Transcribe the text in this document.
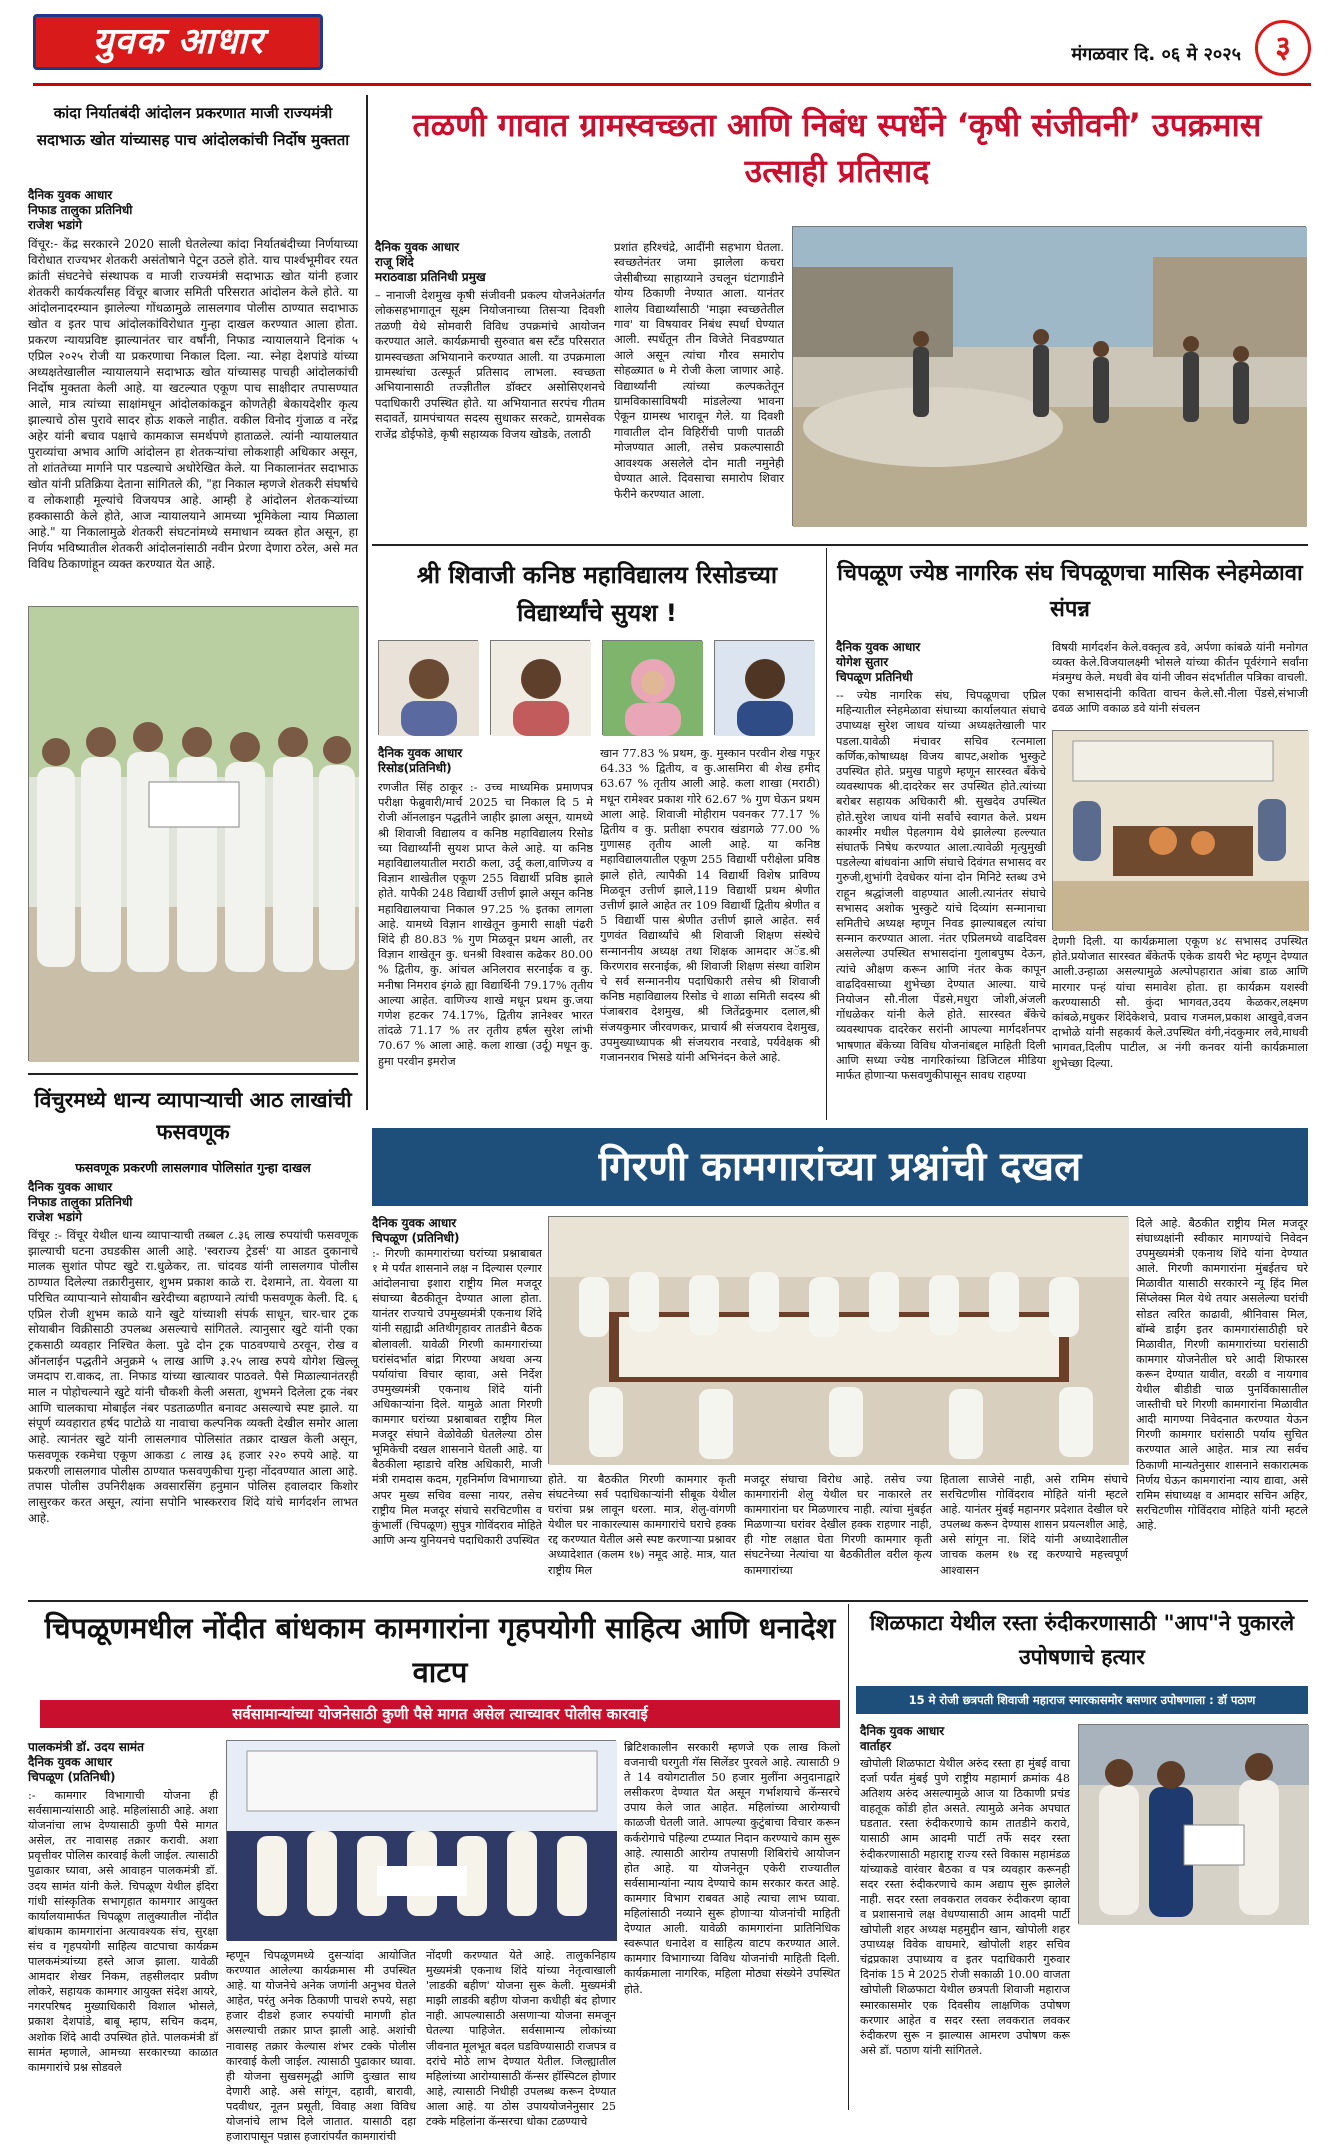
युवक आधार	मंगळवार दि. ०६ मे २०२५	३
कांदा निर्यातबंदी आंदोलन प्रकरणात माजी राज्यमंत्री सदाभाऊ खोत यांच्यासह पाच आंदोलकांची निर्दोष मुक्तता
दैनिक युवक आधार
निफाड तालुका प्रतिनिधी
राजेश भडांगे
विंचूर:- केंद्र सरकारने 2020 साली घेतलेल्या कांदा निर्यातबंदीच्या निर्णयाच्या विरोधात राज्यभर शेतकरी असंतोषाने पेटून उठले होते. याच पार्श्वभूमीवर रयत क्रांती संघटनेचे संस्थापक व माजी राज्यमंत्री सदाभाऊ खोत यांनी हजार शेतकरी कार्यकर्त्यांसह विंचूर बाजार समिती परिसरात आंदोलन केले होते. या आंदोलनादरम्यान झालेल्या गोंधळामुळे लासलगाव पोलीस ठाण्यात सदाभाऊ खोत व इतर पाच आंदोलकांविरोधात गुन्हा दाखल करण्यात आला होता. प्रकरण न्यायप्रविष्ट झाल्यानंतर चार वर्षांनी, निफाड न्यायालयाने दिनांक ५ एप्रिल २०२५ रोजी या प्रकरणाचा निकाल दिला. न्या. स्नेहा देशपांडे यांच्या अध्यक्षतेखालील न्यायालयाने सदाभाऊ खोत यांच्यासह पाचही आंदोलकांची निर्दोष मुक्तता केली आहे. या खटल्यात एकूण पाच साक्षीदार तपासण्यात आले, मात्र त्यांच्या साक्षांमधून आंदोलकांकडून कोणतेही बेकायदेशीर कृत्य झाल्याचे ठोस पुरावे सादर होऊ शकले नाहीत. वकील विनोद गुंजाळ व नरेंद्र अहेर यांनी बचाव पक्षाचे कामकाज समर्थपणे हाताळले. त्यांनी न्यायालयात पुराव्यांचा अभाव आणि आंदोलन हा शेतकऱ्यांचा लोकशाही अधिकार असून, तो शांततेच्या मार्गाने पार पडल्याचे अधोरेखित केले. या निकालानंतर सदाभाऊ खोत यांनी प्रतिक्रिया देताना सांगितले की, "हा निकाल म्हणजे शेतकरी संघर्षाचे व लोकशाही मूल्यांचे विजयपत्र आहे. आम्ही हे आंदोलन शेतकऱ्यांच्या हक्कासाठी केले होते, आज न्यायालयाने आमच्या भूमिकेला न्याय मिळाला आहे." या निकालामुळे शेतकरी संघटनांमध्ये समाधान व्यक्त होत असून, हा निर्णय भविष्यातील शेतकरी आंदोलनांसाठी नवीन प्रेरणा देणारा ठरेल, असे मत विविध ठिकाणांहून व्यक्त करण्यात येत आहे.
तळणी गावात ग्रामस्वच्छता आणि निबंध स्पर्धेने ‘कृषी संजीवनी’ उपक्रमास उत्साही प्रतिसाद
दैनिक युवक आधार
राजू शिंदे
मराठवाडा प्रतिनिधी प्रमुख
– नानाजी देशमुख कृषी संजीवनी प्रकल्प योजनेअंतर्गत लोकसहभागातून सूक्ष्म नियोजनाच्या तिसऱ्या दिवशी तळणी येथे सोमवारी विविध उपक्रमांचे आयोजन करण्यात आले. कार्यक्रमाची सुरुवात बस स्टँड परिसरात ग्रामस्वच्छता अभियानाने करण्यात आली. या उपक्रमाला ग्रामस्थांचा उत्स्फूर्त प्रतिसाद लाभला. स्वच्छता अभियानासाठी तज्ज्ञीतील डॉक्टर असोसिएशनचे पदाधिकारी उपस्थित होते. या अभियानात सरपंच गीतम सदावर्ते, ग्रामपंचायत सदस्य सुधाकर सरकटे, ग्रामसेवक राजेंद्र डोईफोडे, कृषी सहाय्यक विजय खोडके, तलाठी
प्रशांत हरिश्चंद्रे, आदींनी सहभाग घेतला. स्वच्छतेनंतर जमा झालेला कचरा जेसीबीच्या साहाय्याने उचलून घंटागाडीने योग्य ठिकाणी नेण्यात आला. यानंतर शालेय विद्यार्थ्यांसाठी 'माझा स्वच्छतेतील गाव' या विषयावर निबंध स्पर्धा घेण्यात आली. स्पर्धेतून तीन विजेते निवडण्यात आले असून त्यांचा गौरव समारोप सोहळ्यात ७ मे रोजी केला जाणार आहे. विद्यार्थ्यांनी त्यांच्या कल्पकतेतून ग्रामविकासाविषयी मांडलेल्या भावना ऐकून ग्रामस्थ भारावून गेले. या दिवशी गावातील दोन विहिरींची पाणी पातळी मोजण्यात आली, तसेच प्रकल्पासाठी आवश्यक असलेले दोन माती नमुनेही घेण्यात आले. दिवसाचा समारोप शिवार फेरीने करण्यात आला.
श्री शिवाजी कनिष्ठ महाविद्यालय रिसोडच्या विद्यार्थ्यांचे सुयश !
दैनिक युवक आधार
रिसोड(प्रतिनिधी)
रणजीत सिंह ठाकूर :- उच्च माध्यमिक प्रमाणपत्र परीक्षा फेब्रुवारी/मार्च 2025 चा निकाल दि 5 मे रोजी ऑनलाइन पद्धतीने जाहीर झाला असून, यामध्ये श्री शिवाजी विद्यालय व कनिष्ठ महाविद्यालय रिसोड च्या विद्यार्थ्यांनी सुयश प्राप्त केले आहे. या कनिष्ठ महाविद्यालयातील मराठी कला, उर्दू कला,वाणिज्य व विज्ञान शाखेतील एकूण 255 विद्यार्थी प्रविष्ठ झाले होते. यापैकी 248 विद्यार्थी उत्तीर्ण झाले असून कनिष्ठ महाविद्यालयाचा निकाल 97.25 % इतका लागला आहे. यामध्ये विज्ञान शाखेतून कुमारी साक्षी पंढरी शिंदे ही 80.83 % गुण मिळवून प्रथम आली, तर विज्ञान शाखेतून कु. धनश्री विश्वास कढेकर 80.00 % द्वितीय, कु. आंचल अनिलराव सरनाईक व कु. मनीषा निमराव इंगळे ह्या विद्यार्थिनी 79.17% तृतीय आल्या आहेत. वाणिज्य शाखे मधून प्रथम कु.जया गणेश हटकर 74.17%, द्वितीय ज्ञानेश्वर भारत तांदळे 71.17 % तर तृतीय हर्षल सुरेश लांभी 70.67 % आला आहे. कला शाखा (उर्दू) मधून कु. हुमा परवीन इमरोज
खान 77.83 % प्रथम, कु. मुस्कान परवीन शेख गफूर 64.33 % द्वितीय, व कु.आसमिरा बी शेख हमीद 63.67 % तृतीय आली आहे. कला शाखा (मराठी) मधून रामेश्वर प्रकाश गोरे 62.67 % गुण घेऊन प्रथम आला आहे. शिवाजी मोहीराम पवनकर 77.17 % द्वितीय व कु. प्रतीक्षा रुपराव खंडागळे 77.00 % गुणासह तृतीय आली आहे. या कनिष्ठ महाविद्यालयातील एकूण 255 विद्यार्थी परीक्षेला प्रविष्ठ झाले होते, त्यापैकी 14 विद्यार्थी विशेष प्राविण्य मिळवून उत्तीर्ण झाले,119 विद्यार्थी प्रथम श्रेणीत उत्तीर्ण झाले आहेत तर 109 विद्यार्थी द्वितीय श्रेणीत व 5 विद्यार्थी पास श्रेणीत उत्तीर्ण झाले आहेत. सर्व गुणवंत विद्यार्थ्यांचे श्री शिवाजी शिक्षण संस्थेचे सन्माननीय अध्यक्ष तथा शिक्षक आमदार अॅड.श्री किरणराव सरनाईक, श्री शिवाजी शिक्षण संस्था वाशिम चे सर्व सन्माननीय पदाधिकारी तसेच श्री शिवाजी कनिष्ठ महाविद्यालय रिसोड चे शाळा समिती सदस्य श्री पंजाबराव देशमुख, श्री जितेंद्रकुमार दलाल,श्री संजयकुमार जीरवणकर, प्राचार्य श्री संजयराव देशमुख, उपमुख्याध्यापक श्री संजयराव नरवाडे, पर्यवेक्षक श्री गजाननराव भिसडे यांनी अभिनंदन केले आहे.
चिपळूण ज्येष्ठ नागरिक संघ चिपळूणचा मासिक स्नेहमेळावा संपन्न
दैनिक युवक आधार
योगेश सुतार
चिपळूण प्रतिनिधी
-- ज्येष्ठ नागरिक संघ, चिपळूणचा एप्रिल महिन्यातील स्नेहमेळावा संघाच्या कार्यालयात संघाचे उपाध्यक्ष सुरेश जाधव यांच्या अध्यक्षतेखाली पार पडला.यावेळी मंचावर सचिव रत्नमाला कर्णिक,कोषाध्यक्ष विजय बापट,अशोक भुस्कुटे उपस्थित होते. प्रमुख पाहुणे म्हणून सारस्वत बँकेचे व्यवस्थापक श्री.दादरेकर सर उपस्थित होते.त्यांच्या बरोबर सहायक अधिकारी श्री. सुखदेव उपस्थित होते.सुरेश जाधव यांनी सर्वांचे स्वागत केले. प्रथम काश्मीर मधील पेहलगाम येथे झालेल्या हल्ल्यात संघातर्फे निषेध करण्यात आला.त्यावेळी मृत्युमुखी पडलेल्या बांधवांना आणि संघाचे दिवंगत सभासद वर गुरुजी,शुभांगी देवधेकर यांना दोन मिनिटे स्तब्ध उभे राहून श्रद्धांजली वाहण्यात आली.त्यानंतर संघाचे सभासद अशोक भुस्कुटे यांचे दिव्यांग सन्मानाचा समितीचे अध्यक्ष म्हणून निवड झाल्याबद्दल त्यांचा सन्मान करण्यात आला. नंतर एप्रिलमध्ये वाढदिवस असलेल्या उपस्थित सभासदांना गुलाबपुष्प देऊन, त्यांचे औक्षण करून आणि नंतर केक कापून वाढदिवसाच्या शुभेच्छा देण्यात आल्या. याचे नियोजन सौ.नीला पेंडसे,मधुरा जोशी,अंजली गोंधळेकर यांनी केले होते. सारस्वत बँकेचे व्यवस्थापक दादरेकर सरांनी आपल्या मार्गदर्शनपर भाषणात बँकेच्या विविध योजनांबद्दल माहिती दिली आणि सध्या ज्येष्ठ नागरिकांच्या डिजिटल मीडिया मार्फत होणाऱ्या फसवणुकीपासून सावध राहण्या
विषयी मार्गदर्शन केले.वक्तृत्व डवे, अर्पणा कांबळे यांनी मनोगत व्यक्त केले.विजयालक्ष्मी भोसले यांच्या कीर्तन पूर्वरंगाने सर्वांना मंत्रमुग्ध केले. मधवी बेव यांनी जीवन संदर्भातील पत्रिका वाचली. एका सभासदांनी कविता वाचन केले.सौ.नीला पेंडसे,संभाजी ढवळ आणि वकाळ डवे यांनी संचलन
देणगी दिली. या कार्यक्रमाला एकूण ४८ सभासद उपस्थित होते.प्रयोजात सारस्वत बँकेतर्फे एकेक डायरी भेट म्हणून देण्यात आली.उन्हाळा असल्यामुळे अल्पोपहारात आंबा डाळ आणि मारगार पन्हं यांचा समावेश होता. हा कार्यक्रम यशस्वी करण्यासाठी सौ. कुंदा भागवत,उदय केळकर,लक्ष्मण कांबळे,मधुकर शिंदेकेशचे, प्रवाच गजमल,प्रकाश आखुवे,वजन दाभोळे यांनी सहकार्य केले.उपस्थित वंगी,नंदकुमार लवे,माधवी भागवत,दिलीप पाटील, अ नंगी कनवर यांनी कार्यक्रमाला शुभेच्छा दिल्या.
विंचुरमध्ये धान्य व्यापाऱ्याची आठ लाखांची फसवणूक
फसवणूक प्रकरणी लासलगाव पोलिसांत गुन्हा दाखल
दैनिक युवक आधार
निफाड तालुका प्रतिनिधी
राजेश भडांगे
विंचूर :- विंचूर येथील धान्य व्यापाऱ्याची तब्बल ८.३६ लाख रुपयांची फसवणूक झाल्याची घटना उघडकीस आली आहे. 'स्वराज्य ट्रेडर्स' या आडत दुकानाचे मालक सुशांत पोपट खुटे रा.धुळेकर, ता. चांदवड यांनी लासलगाव पोलीस ठाण्यात दिलेल्या तक्रारीनुसार, शुभम प्रकाश काळे रा. देशमाने, ता. येवला या परिचित व्यापाऱ्याने सोयाबीन खरेदीच्या बहाण्याने त्यांची फसवणूक केली. दि. ६ एप्रिल रोजी शुभम काळे याने खुटे यांच्याशी संपर्क साधून, चार-चार ट्रक सोयाबीन विक्रीसाठी उपलब्ध असल्याचे सांगितले. त्यानुसार खुटे यांनी एका ट्रकसाठी व्यवहार निश्चित केला. पुढे दोन ट्रक पाठवण्याचे ठरवून, रोख व ऑनलाईन पद्धतीने अनुक्रमे ५ लाख आणि ३.२५ लाख रुपये योगेश खिल्लू जमदाप रा.वाकद, ता. निफाड यांच्या खात्यावर पाठवले. पैसे मिळाल्यानंतरही माल न पोहोचल्याने खुटे यांनी चौकशी केली असता, शुभमने दिलेला ट्रक नंबर आणि चालकाचा मोबाईल नंबर पडताळणीत बनावट असल्याचे स्पष्ट झाले. या संपूर्ण व्यवहारात हर्षद पाटोळे या नावाचा कल्पनिक व्यक्ती देखील समोर आला आहे. त्यानंतर खुटे यांनी लासलगाव पोलिसांत तक्रार दाखल केली असून, फसवणूक रकमेचा एकूण आकडा ८ लाख ३६ हजार २२० रुपये आहे. या प्रकरणी लासलगाव पोलीस ठाण्यात फसवणुकीचा गुन्हा नोंदवण्यात आला आहे. तपास पोलीस उपनिरीक्षक अवसारसिंग हनुमान पोलिस हवालदार किशोर लासुरकर करत असून, त्यांना सपोनि भास्करराव शिंदे यांचे मार्गदर्शन लाभत आहे.
गिरणी कामगारांच्या प्रश्नांची दखल
दैनिक युवक आधार
चिपळूण (प्रतिनिधी)
:- गिरणी कामगारांच्या घरांच्या प्रश्नाबाबत १ मे पर्यंत शासनाने लक्ष न दिल्यास एल्गार आंदोलनाचा इशारा राष्ट्रीय मिल मजदूर संघाच्या बैठकीतून देण्यात आला होता. यानंतर राज्याचे उपमुख्यमंत्री एकनाथ शिंदे यांनी सह्याद्री अतिथीगृहावर तातडीने बैठक बोलावली. यावेळी गिरणी कामगारांच्या घरांसंदर्भात बांद्रा गिरण्या अथवा अन्य पर्यायांचा विचार व्हावा, असे निर्देश उपमुख्यमंत्री एकनाथ शिंदे यांनी अधिकाऱ्यांना दिले. यामुळे आता गिरणी कामगार घरांच्या प्रश्नाबाबत राष्ट्रीय मिल मजदूर संघाने वेळोवेळी घेतलेल्या ठोस भूमिकेची दखल शासनाने घेतली आहे. या बैठकीला म्हाडाचे वरिष्ठ अधिकारी, माजी मंत्री रामदास कदम, गृहनिर्माण विभागाच्या अपर मुख्य सचिव वल्सा नायर, तसेच राष्ट्रीय मिल मजदूर संघाचे सरचिटणीस व कुंभार्ली (चिपळूण) सुपुत्र गोविंदराव मोहिते आणि अन्य युनियनचे पदाधिकारी उपस्थित
दिले आहे. बैठकीत राष्ट्रीय मिल मजदूर संघाध्यक्षांनी स्वीकार मागण्यांचे निवेदन उपमुख्यमंत्री एकनाथ शिंदे यांना देण्यात आले. गिरणी कामगारांना मुंबईतच घरे मिळावीत यासाठी सरकारने न्यू हिंद मिल सिंप्लेक्स मिल येथे तयार असलेल्या घरांची सोडत त्वरित काढावी, श्रीनिवास मिल, बॉम्बे डाईंग इतर कामगारांसाठीही घरे मिळावीत, गिरणी कामगारांच्या घरांसाठी कामगार योजनेतील घरे आदी शिफारस करून देण्यात यावीत, वरळी व नायगाव येथील बीडीडी चाळ पुनर्विकासातील जास्तीची घरे गिरणी कामगारांना मिळावीत आदी मागण्या निवेदनात करण्यात येऊन गिरणी कामगार घरांसाठी पर्याय सुचित करण्यात आले आहेत. मात्र त्या सर्वच ठिकाणी मान्यतेनुसार शासनाने सकारात्मक निर्णय घेऊन कामगारांना न्याय द्यावा, असे रामिम संघाध्यक्ष व आमदार सचिन अहिर, सरचिटणीस गोविंदराव मोहिते यांनी म्हटले आहे.
होते. या बैठकीत गिरणी कामगार कृती संघटनेच्या सर्व पदाधिकाऱ्यांनी सीबूक येथील घरांचा प्रश्न लावून धरला. मात्र, शेलु-वांगणी येथील घर नाकारल्यास कामगारांचे घराचे हक्क रद्द करण्यात येतील असे स्पष्ट करणाऱ्या प्रश्नावर अध्यादेशात (कलम १७) नमूद आहे. मात्र, यात राष्ट्रीय मिल
मजदूर संघाचा विरोध आहे. तसेच ज्या कामगारांनी शेलु येथील घर नाकारले तर कामगारांना घर मिळणारच नाही. त्यांचा मुंबईत मिळणाऱ्या घरांवर देखील हक्क राहणार नाही, ही गोष्ट लक्षात घेता गिरणी कामगार कृती संघटनेच्या नेत्यांचा या बैठकीतील वरील कृत्य कामगारांच्या
हिताला साजेसे नाही, असे रामिम संघाचे सरचिटणीस गोविंदराव मोहिते यांनी म्हटले आहे. यानंतर मुंबई महानगर प्रदेशात देखील घरे उपलब्ध करून देण्यास शासन प्रयत्नशील आहे, असे सांगून ना. शिंदे यांनी अध्यादेशातील जाचक कलम १७ रद्द करण्याचे महत्त्वपूर्ण आश्वासन
चिपळूणमधील नोंदीत बांधकाम कामगारांना गृहपयोगी साहित्य आणि धनादेश वाटप
सर्वसामान्यांच्या योजनेसाठी कुणी पैसे मागत असेल त्याच्यावर पोलीस कारवाई
पालकमंत्री डॉ. उदय सामंत
दैनिक युवक आधार
चिपळूण (प्रतिनिधी)
:- कामगार विभागाची योजना ही सर्वसामान्यांसाठी आहे. महिलांसाठी आहे. अशा योजनांचा लाभ देण्यासाठी कुणी पैसे मागत असेल, तर नावासह तक्रार करावी. अशा प्रवृत्तीवर पोलिस कारवाई केली जाईल. त्यासाठी पुढाकार घ्यावा, असे आवाहन पालकमंत्री डॉ. उदय सामंत यांनी केले. चिपळूण येथील इंदिरा गांधी सांस्कृतिक सभागृहात कामगार आयुक्त कार्यालयामार्फत चिपळूण तालुक्यातील नोंदीत बांधकाम कामगारांना अत्यावश्यक संच, सुरक्षा संच व गृहपयोगी साहित्य वाटपाचा कार्यक्रम पालकमंत्र्यांच्या हस्ते आज झाला. यावेळी आमदार शेखर निकम, तहसीलदार प्रवीण लोकरे, सहायक कामगार आयुक्त संदेश आयरे, नगरपरिषद मुख्याधिकारी विशाल भोसले, प्रकाश देशपांडे, बाबू म्हाप, सचिन कदम, अशोक शिंदे आदी उपस्थित होते. पालकमंत्री डॉ सामंत म्हणाले, आमच्या सरकारच्या काळात कामगारांचे प्रश्न सोडवले
म्हणून चिपळूणमध्ये दुसऱ्यांदा आयोजित करण्यात आलेल्या कार्यक्रमास मी उपस्थित आहे. या योजनेचे अनेक जणांनी अनुभव घेतले आहेत, परंतु अनेक ठिकाणी पाचशे रुपये, सहा हजार दीडशे हजार रुपयांची मागणी होत असल्याची तक्रार प्राप्त झाली आहे. अशांची नावासह तक्रार केल्यास शंभर टक्के पोलीस कारवाई केली जाईल. त्यासाठी पुढाकार घ्यावा. ही योजना सुखसमृद्धी आणि दुःखात साथ देणारी आहे. असे सांगून, दहावी, बारावी, पदवीधर, नूतन प्रसूती, विवाह अशा विविध योजनांचे लाभ दिले जातात. यासाठी दहा हजारापासून पन्नास हजारांपर्यंत कामगारांची
नोंदणी करण्यात येते आहे. तालुकनिहाय मुख्यमंत्री एकनाथ शिंदे यांच्या नेतृत्वाखाली 'लाडकी बहीण' योजना सुरू केली. मुख्यमंत्री माझी लाडकी बहीण योजना कधीही बंद होणार नाही. आपल्यासाठी असणाऱ्या योजना समजून घेतल्या पाहिजेत. सर्वसामान्य लोकांच्या जीवनात मूलभूत बदल घडविण्यासाठी राजपत्र व दरांचे मोठे लाभ देण्यात येतील. जिल्ह्यातील महिलांच्या आरोग्यासाठी कॅन्सर हॉस्पिटल होणार आहे, त्यासाठी निधीही उपलब्ध करून देण्यात आला आहे. या ठोस उपाययोजनेनुसार 25 टक्के महिलांना कॅन्सरचा धोका टळण्याचे
ब्रिटिशकालीन सरकारी म्हणजे एक लाख किलो वजनाची घरगुती गॅस सिलेंडर पुरवले आहे. त्यासाठी 9 ते 14 वयोगटातील 50 हजार मुलींना अनुदानाद्वारे लसीकरण देण्यात येत असून गर्भाशयाचे कॅन्सरचे उपाय केले जात आहेत. महिलांच्या आरोग्याची काळजी घेतली जाते. आपल्या कुटुंबाचा विचार करून कर्करोगाचे पहिल्या टप्प्यात निदान करण्याचे काम सुरू आहे. त्यासाठी आरोग्य तपासणी शिबिरांचे आयोजन होत आहे. या योजनेतून एकेरी राज्यातील सर्वसामान्यांना न्याय देण्याचे काम सरकार करत आहे. कामगार विभाग राबवत आहे त्याचा लाभ घ्यावा. महिलांसाठी नव्याने सुरू होणाऱ्या योजनांची माहिती देण्यात आली. यावेळी कामगारांना प्रातिनिधिक स्वरूपात धनादेश व साहित्य वाटप करण्यात आले. कामगार विभागाच्या विविध योजनांची माहिती दिली. कार्यक्रमाला नागरिक, महिला मोठ्या संख्येने उपस्थित होते.
शिळफाटा येथील रस्ता रुंदीकरणासाठी "आप"ने पुकारले उपोषणाचे हत्यार
15 मे रोजी छत्रपती शिवाजी महाराज स्मारकासमोर बसणार उपोषणाला : डॉ पठाण
दैनिक युवक आधार
वार्ताहर
खोपोली शिळफाटा येथील अरुंद रस्ता हा मुंबई वाचा दर्जा पर्यंत मुंबई पुणे राष्ट्रीय महामार्ग क्रमांक 48 अतिशय अरुंद असल्यामुळे आज या ठिकाणी प्रचंड वाहतूक कोंडी होत असते. त्यामुळे अनेक अपघात घडतात. रस्ता रुंदीकरणाचे काम तातडीने करावे, यासाठी आम आदमी पार्टी तर्फे सदर रस्ता रुंदीकरणासाठी महाराष्ट्र राज्य रस्ते विकास महामंडळ यांच्याकडे वारंवार बैठका व पत्र व्यवहार करूनही सदर रस्ता रुंदीकरणाचे काम अद्याप सुरू झालेले नाही. सदर रस्ता लवकरात लवकर रुंदीकरण व्हावा व प्रशासनाचे लक्ष वेधण्यासाठी आम आदमी पार्टी खोपोली शहर अध्यक्ष महमुद्दीन खान, खोपोली शहर उपाध्यक्ष विवेक वाघमारे, खोपोली शहर सचिव चंद्रप्रकाश उपाध्याय व इतर पदाधिकारी गुरुवार दिनांक 15 मे 2025 रोजी सकाळी 10.00 वाजता खोपोली शिळफाटा येथील छत्रपती शिवाजी महाराज स्मारकासमोर एक दिवसीय लाक्षणिक उपोषण करणार आहेत व सदर रस्ता लवकरात लवकर रुंदीकरण सुरू न झाल्यास आमरण उपोषण करू असे डॉ. पठाण यांनी सांगितले.
